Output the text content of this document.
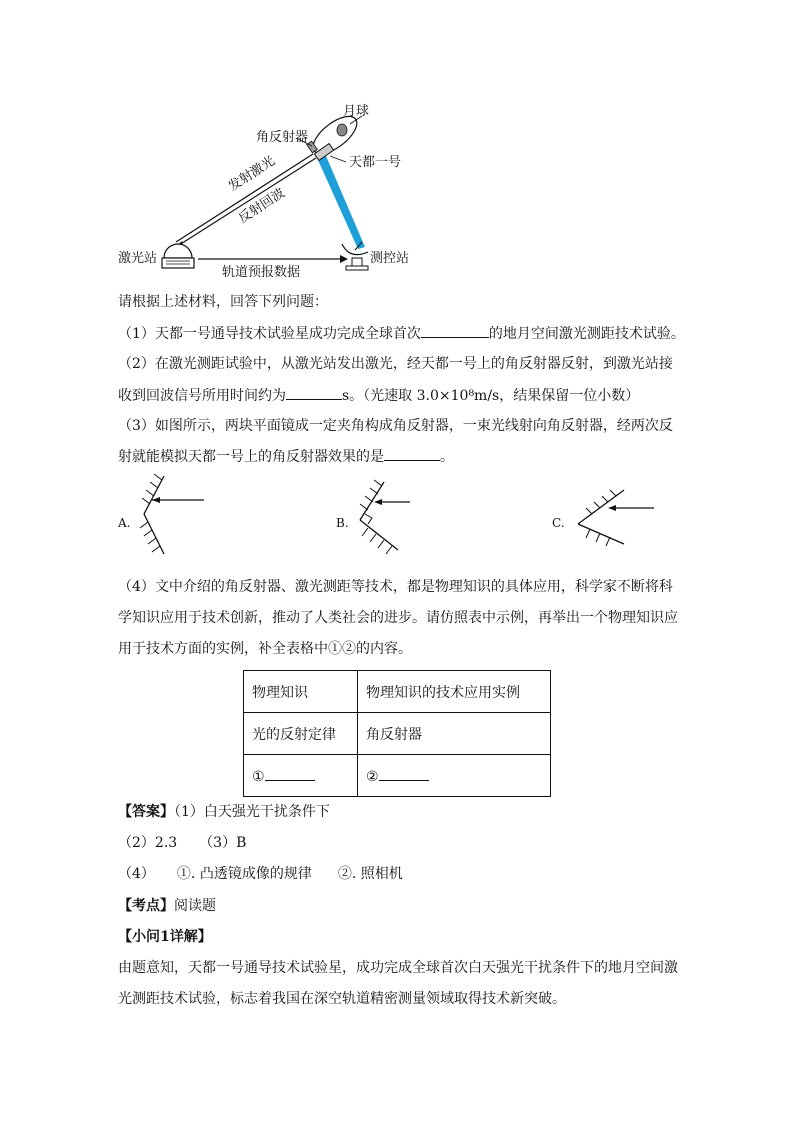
月球
角反射器
天都一号
发射激光
反射回波
激光站	测控站
轨道预报数据
请根据上述材料，回答下列问题：
（1）天都一号通导技术试验星成功完成全球首次	的地月空间激光测距技术试验。
（2）在激光测距试验中，从激光站发出激光，经天都一号上的角反射器反射，到激光站接
收到回波信号所用时间约为	s。（光速取 3.0×10⁸m/s，结果保留一位小数）
（3）如图所示，两块平面镜成一定夹角构成角反射器，一束光线射向角反射器，经两次反
射就能模拟天都一号上的角反射器效果的是	。
A.	B.	C.
（4）文中介绍的角反射器、激光测距等技术，都是物理知识的具体应用，科学家不断将科
学知识应用于技术创新，推动了人类社会的进步。请仿照表中示例，再举出一个物理知识应
用于技术方面的实例，补全表格中①②的内容。
物理知识	物理知识的技术应用实例
光的反射定律	角反射器
①	②
【答案】（1）白天强光干扰条件下
（2）2.3 （3）B
（4） ①. 凸透镜成像的规律 ②. 照相机
【考点】阅读题
【小问1详解】
由题意知，天都一号通导技术试验星，成功完成全球首次白天强光干扰条件下的地月空间激
光测距技术试验，标志着我国在深空轨道精密测量领域取得技术新突破。
